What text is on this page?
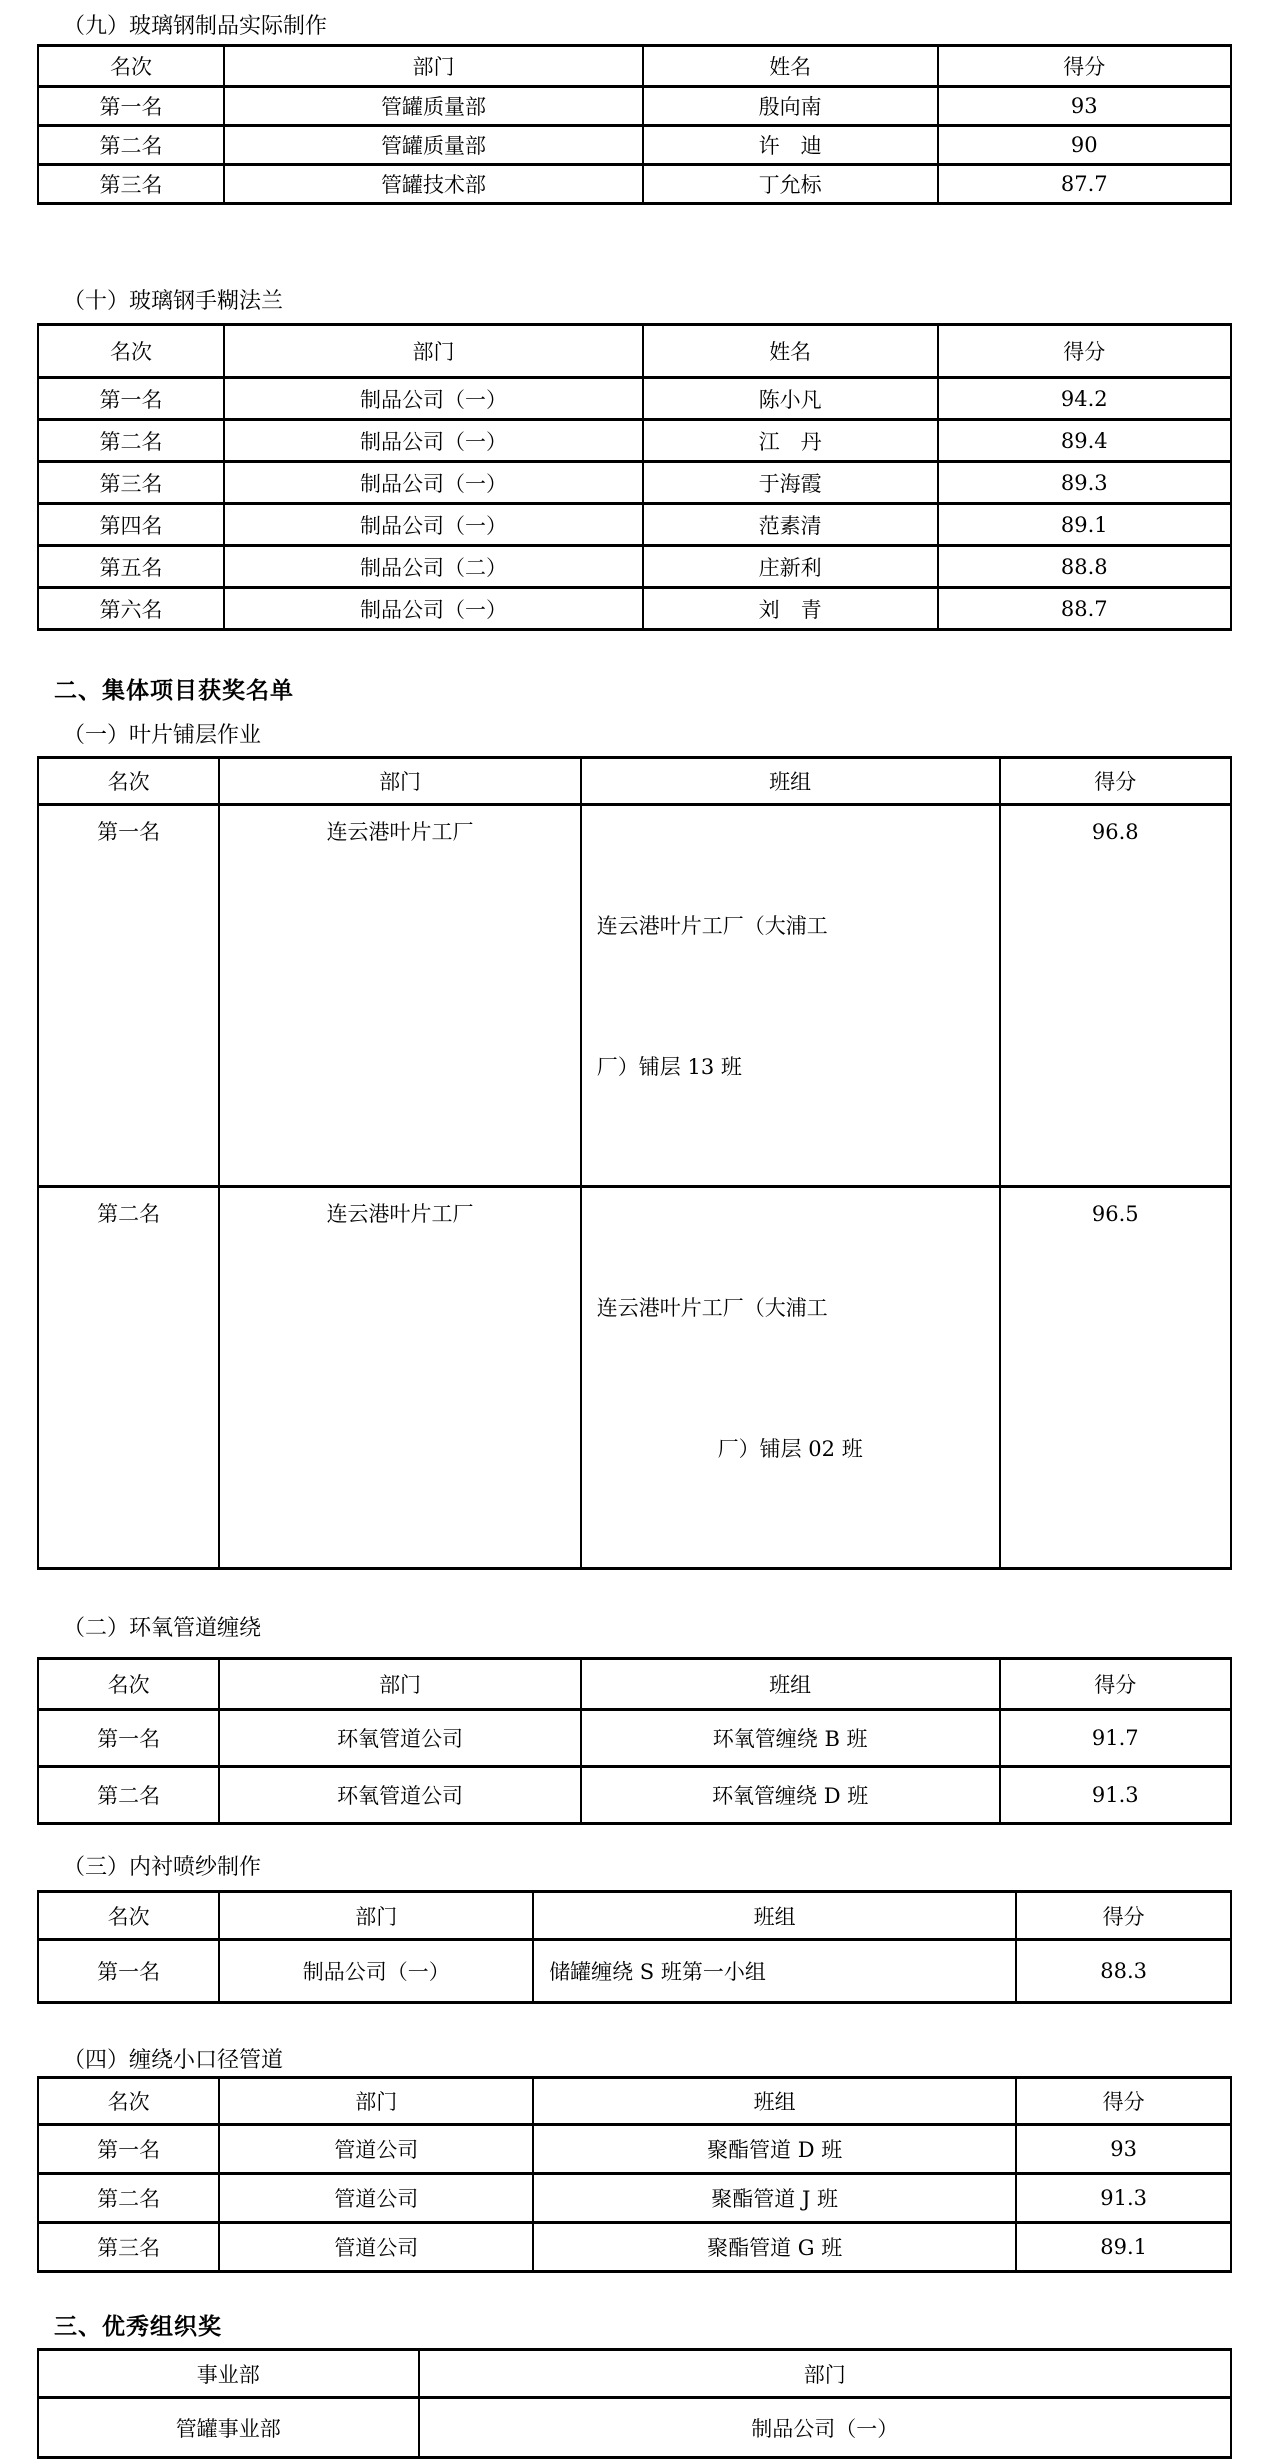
（九）玻璃钢制品实际制作
名次	部门	姓名	得分
第一名	管罐质量部	殷向南	93
第二名	管罐质量部	许　迪	90
第三名	管罐技术部	丁允标	87.7
（十）玻璃钢手糊法兰
名次	部门	姓名	得分
第一名	制品公司（一）	陈小凡	94.2
第二名	制品公司（一）	江　丹	89.4
第三名	制品公司（一）	于海霞	89.3
第四名	制品公司（一）	范素清	89.1
第五名	制品公司（二）	庄新利	88.8
第六名	制品公司（一）	刘　青	88.7
二、集体项目获奖名单
（一）叶片铺层作业
名次	部门	班组	得分
第一名	连云港叶片工厂	连云港叶片工厂（大浦工

厂）铺层 13 班	96.8
第二名	连云港叶片工厂	连云港叶片工厂（大浦工

厂）铺层 02 班	96.5
（二）环氧管道缠绕
名次	部门	班组	得分
第一名	环氧管道公司	环氧管缠绕 B 班	91.7
第二名	环氧管道公司	环氧管缠绕 D 班	91.3
（三）内衬喷纱制作
名次	部门	班组	得分
第一名	制品公司（一）	储罐缠绕 S 班第一小组	88.3
（四）缠绕小口径管道
名次	部门	班组	得分
第一名	管道公司	聚酯管道 D 班	93
第二名	管道公司	聚酯管道 J 班	91.3
第三名	管道公司	聚酯管道 G 班	89.1
三、优秀组织奖
事业部	部门
管罐事业部	制品公司（一）
